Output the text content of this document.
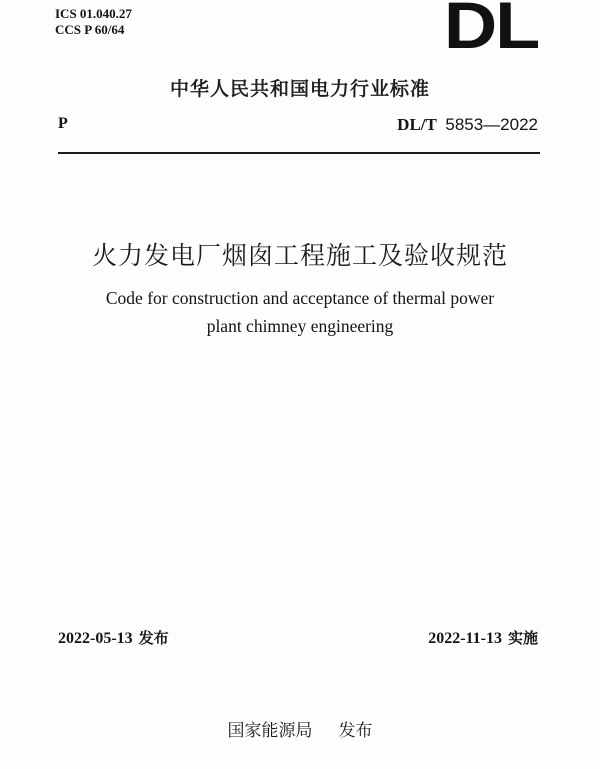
ICS 01.040.27
CCS P 60/64	DL
中华人民共和国电力行业标准
P	DL/T 5853—2022
火力发电厂烟囱工程施工及验收规范
Code for construction and acceptance of thermal power
plant chimney engineering
2022-05-13 发布	2022-11-13 实施
国家能源局 发布
